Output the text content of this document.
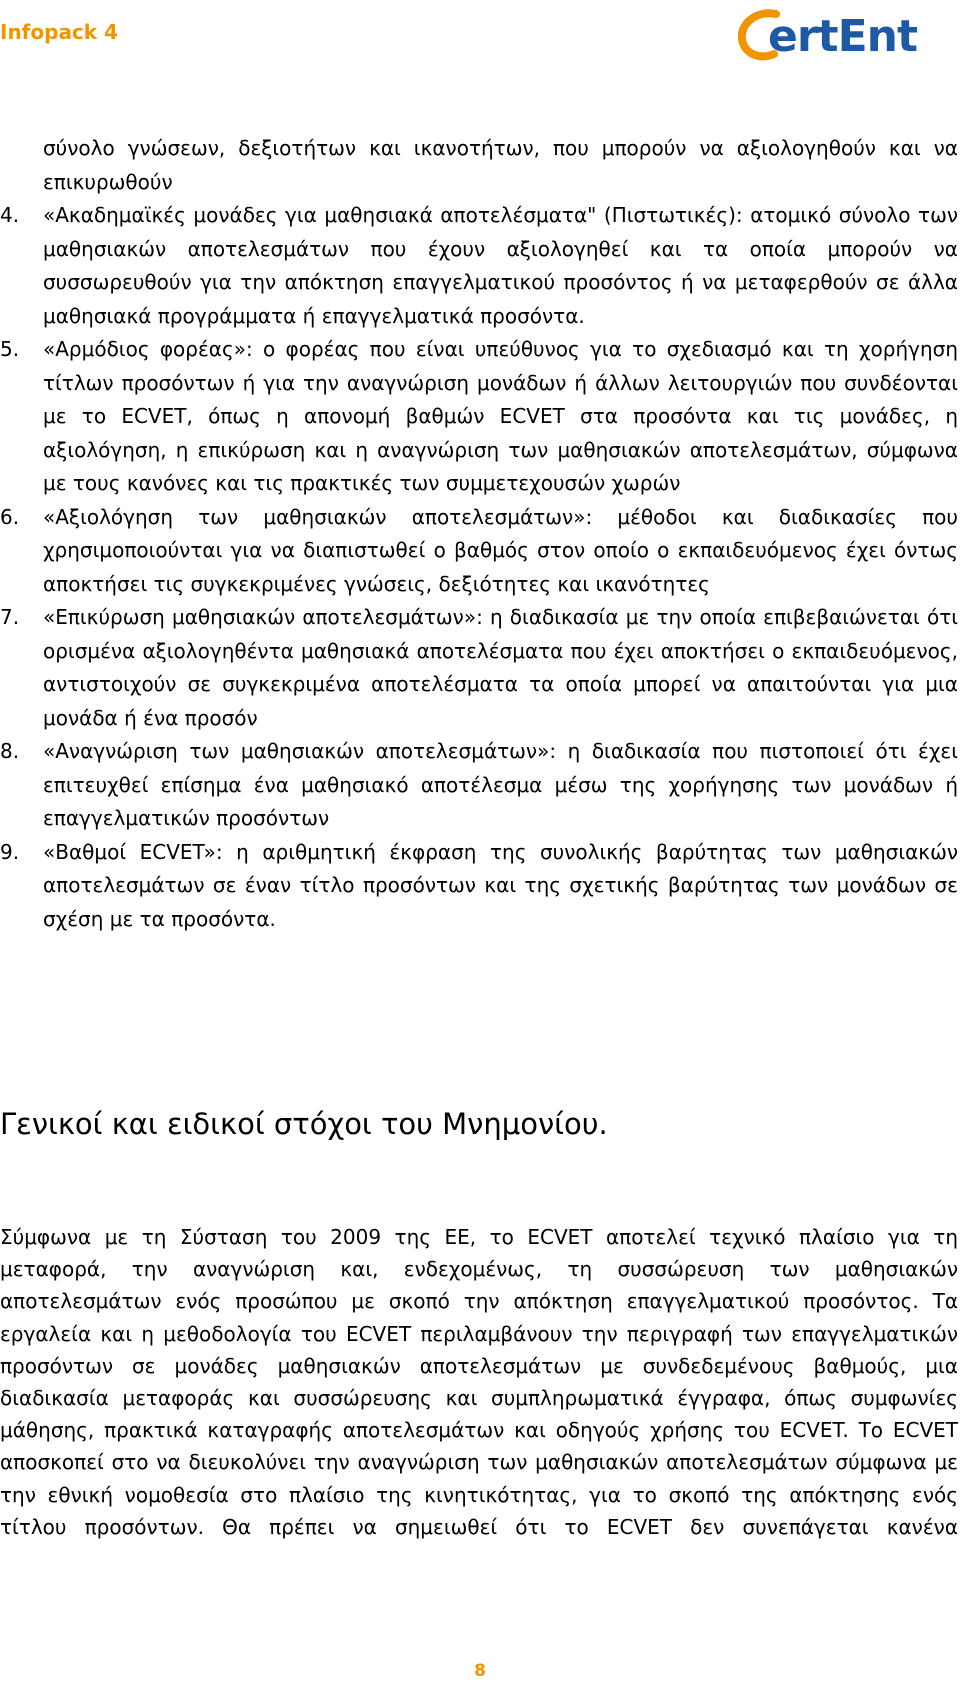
Infopack 4	ertEnt
σύνολο γνώσεων, δεξιοτήτων και ικανοτήτων, που μπορούν να αξιολογηθούν και να επικυρωθούν
4. «Ακαδημαϊκές μονάδες για μαθησιακά αποτελέσματα" (Πιστωτικές): ατομικό σύνολο των μαθησιακών αποτελεσμάτων που έχουν αξιολογηθεί και τα οποία μπορούν να συσσωρευθούν για την απόκτηση επαγγελματικού προσόντος ή να μεταφερθούν σε άλλα μαθησιακά προγράμματα ή επαγγελματικά προσόντα.
5. «Αρμόδιος φορέας»: ο φορέας που είναι υπεύθυνος για το σχεδιασμό και τη χορήγηση τίτλων προσόντων ή για την αναγνώριση μονάδων ή άλλων λειτουργιών που συνδέονται με το ECVET, όπως η απονομή βαθμών ECVET στα προσόντα και τις μονάδες, η αξιολόγηση, η επικύρωση και η αναγνώριση των μαθησιακών αποτελεσμάτων, σύμφωνα με τους κανόνες και τις πρακτικές των συμμετεχουσών χωρών
6. «Αξιολόγηση των μαθησιακών αποτελεσμάτων»: μέθοδοι και διαδικασίες που χρησιμοποιούνται για να διαπιστωθεί ο βαθμός στον οποίο ο εκπαιδευόμενος έχει όντως αποκτήσει τις συγκεκριμένες γνώσεις, δεξιότητες και ικανότητες
7. «Επικύρωση μαθησιακών αποτελεσμάτων»: η διαδικασία με την οποία επιβεβαιώνεται ότι ορισμένα αξιολογηθέντα μαθησιακά αποτελέσματα που έχει αποκτήσει ο εκπαιδευόμενος, αντιστοιχούν σε συγκεκριμένα αποτελέσματα τα οποία μπορεί να απαιτούνται για μια μονάδα ή ένα προσόν
8. «Αναγνώριση των μαθησιακών αποτελεσμάτων»: η διαδικασία που πιστοποιεί ότι έχει επιτευχθεί επίσημα ένα μαθησιακό αποτέλεσμα μέσω της χορήγησης των μονάδων ή επαγγελματικών προσόντων
9. «Βαθμοί ECVET»: η αριθμητική έκφραση της συνολικής βαρύτητας των μαθησιακών αποτελεσμάτων σε έναν τίτλο προσόντων και της σχετικής βαρύτητας των μονάδων σε σχέση με τα προσόντα.
Γενικοί και ειδικοί στόχοι του Μνημονίου.
Σύμφωνα με τη Σύσταση του 2009 της ΕΕ, το ECVET αποτελεί τεχνικό πλαίσιο για τη μεταφορά, την αναγνώριση και, ενδεχομένως, τη συσσώρευση των μαθησιακών αποτελεσμάτων ενός προσώπου με σκοπό την απόκτηση επαγγελματικού προσόντος. Τα εργαλεία και η μεθοδολογία του ECVET περιλαμβάνουν την περιγραφή των επαγγελματικών προσόντων σε μονάδες μαθησιακών αποτελεσμάτων με συνδεδεμένους βαθμούς, μια διαδικασία μεταφοράς και συσσώρευσης και συμπληρωματικά έγγραφα, όπως συμφωνίες μάθησης, πρακτικά καταγραφής αποτελεσμάτων και οδηγούς χρήσης του ECVET. Το ECVET αποσκοπεί στο να διευκολύνει την αναγνώριση των μαθησιακών αποτελεσμάτων σύμφωνα με την εθνική νομοθεσία στο πλαίσιο της κινητικότητας, για το σκοπό της απόκτησης ενός τίτλου προσόντων. Θα πρέπει να σημειωθεί ότι το ECVET δεν συνεπάγεται κανένα
8
